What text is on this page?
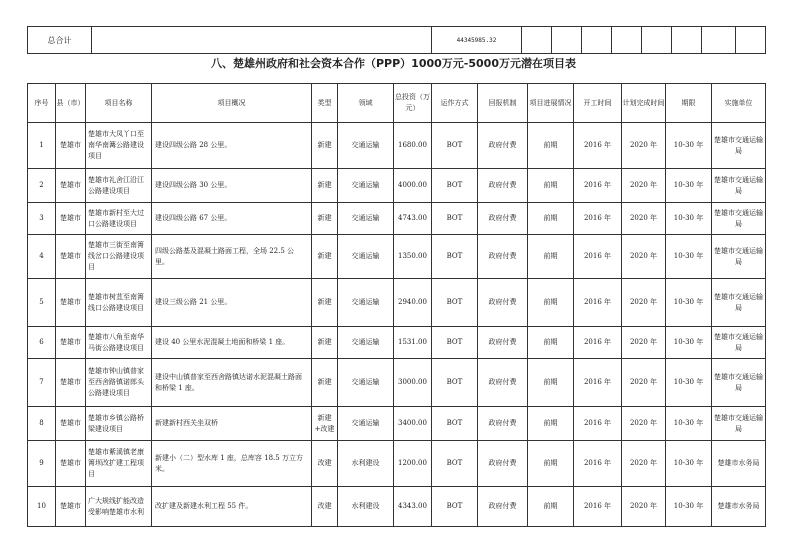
总合计		44345985.32								
八、楚雄州政府和社会资本合作（PPP）1000万元-5000万元潜在项目表
序号	县（市）	项目名称	项目概况	类型	领域	总投资（万元）	运作方式	回报机制	项目进展情况	开工时间	计划完成时间	期限	实施单位
1	楚雄市	楚雄市大凤丫口至南华南篝公路建设项目	建设四级公路 28 公里。	新建	交通运输	1680.00	BOT	政府付费	前期	2016 年	2020 年	10-30 年	楚雄市交通运输局
2	楚雄市	楚雄市礼舍江沿江公路建设项目	建设四级公路 30 公里。	新建	交通运输	4000.00	BOT	政府付费	前期	2016 年	2020 年	10-30 年	楚雄市交通运输局
3	楚雄市	楚雄市新村至大过口公路建设项目	建设四级公路 67 公里。	新建	交通运输	4743.00	BOT	政府付费	前期	2016 年	2020 年	10-30 年	楚雄市交通运输局
4	楚雄市	楚雄市三街至南箐线岔口公路建设项目	四级公路基及混凝土路面工程，全场 22.5 公里。	新建	交通运输	1350.00	BOT	政府付费	前期	2016 年	2020 年	10-30 年	楚雄市交通运输局
5	楚雄市	楚雄市树苴至南箐线口公路建设项目	建设三级公路 21 公里。	新建	交通运输	2940.00	BOT	政府付费	前期	2016 年	2020 年	10-30 年	楚雄市交通运输局
6	楚雄市	楚雄市八角至南华马街公路建设项目	建设 40 公里水泥混凝土地面和桥梁 1 座。	新建	交通运输	1531.00	BOT	政府付费	前期	2016 年	2020 年	10-30 年	楚雄市交通运输局
7	楚雄市	楚雄市钟山镇普家至西舍路镇诺郎头公路建设项目	建设中山镇普家至西舍路镇达诺水泥混凝土路面和桥梁 1 座。	新建	交通运输	3000.00	BOT	政府付费	前期	2016 年	2020 年	10-30 年	楚雄市交通运输局
8	楚雄市	楚雄市乡镇公路桥梁建设项目	新建新村西关坐双桥	新建+改建	交通运输	3400.00	BOT	政府付费	前期	2016 年	2020 年	10-30 年	楚雄市交通运输局
9	楚雄市	楚雄市紫溪镇老康箐坝改扩建工程项目	新建小（二）型水库 1 座，总库容 18.5 万立方米。	改建	水利建设	1200.00	BOT	政府付费	前期	2016 年	2020 年	10-30 年	楚雄市水务局
10	楚雄市	广大规线扩能改造受影响楚雄市水利	改扩建及新建水利工程 55 件。	改建	水利建设	4343.00	BOT	政府付费	前期	2016 年	2020 年	10-30 年	楚雄市水务局
